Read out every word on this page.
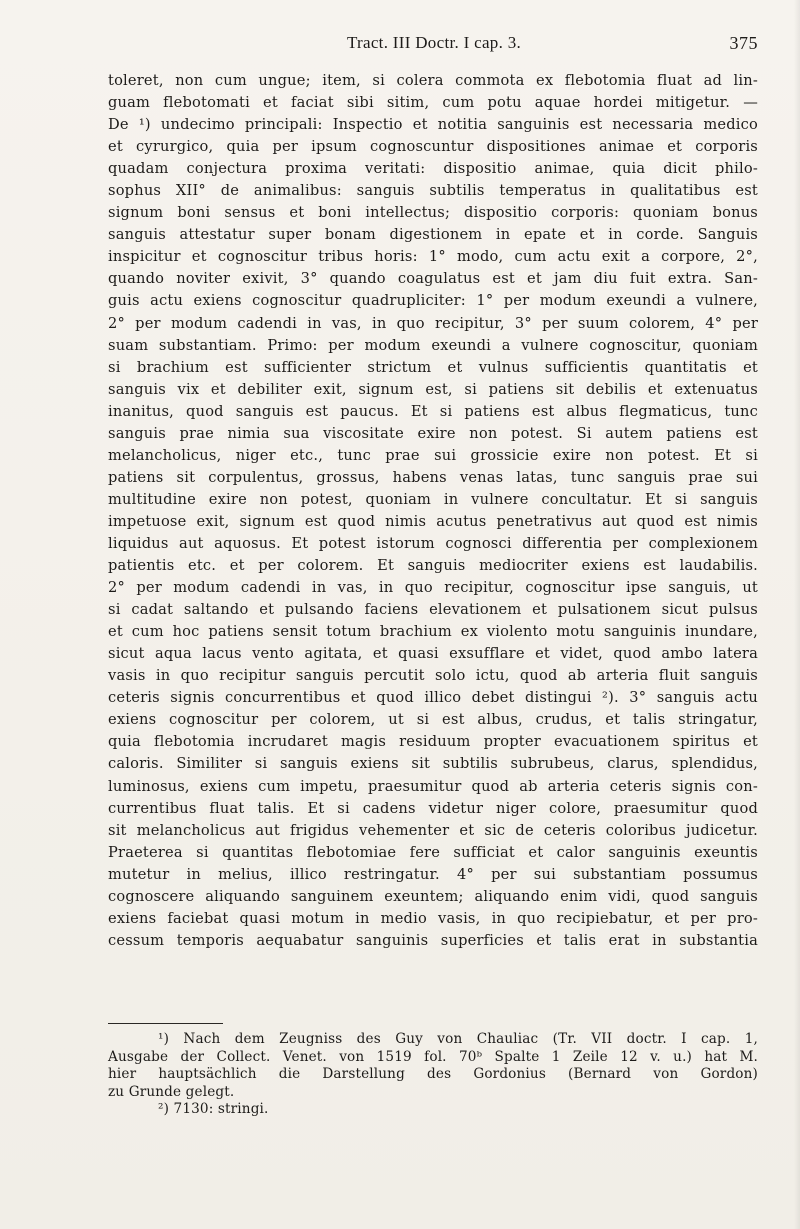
Tract. III Doctr. I cap. 3.	375
toleret, non cum ungue; item, si colera commota ex flebotomia fluat ad lin-
guam flebotomati et faciat sibi sitim, cum potu aquae hordei mitigetur. —
De ¹) undecimo principali: Inspectio et notitia sanguinis est necessaria medico
et cyrurgico, quia per ipsum cognoscuntur dispositiones animae et corporis
quadam conjectura proxima veritati: dispositio animae, quia dicit philo-
sophus XII° de animalibus: sanguis subtilis temperatus in qualitatibus est
signum boni sensus et boni intellectus; dispositio corporis: quoniam bonus
sanguis attestatur super bonam digestionem in epate et in corde. Sanguis
inspicitur et cognoscitur tribus horis: 1° modo, cum actu exit a corpore, 2°,
quando noviter exivit, 3° quando coagulatus est et jam diu fuit extra. San-
guis actu exiens cognoscitur quadrupliciter: 1° per modum exeundi a vulnere,
2° per modum cadendi in vas, in quo recipitur, 3° per suum colorem, 4° per
suam substantiam. Primo: per modum exeundi a vulnere cognoscitur, quoniam
si brachium est sufficienter strictum et vulnus sufficientis quantitatis et
sanguis vix et debiliter exit, signum est, si patiens sit debilis et extenuatus
inanitus, quod sanguis est paucus. Et si patiens est albus flegmaticus, tunc
sanguis prae nimia sua viscositate exire non potest. Si autem patiens est
melancholicus, niger etc., tunc prae sui grossicie exire non potest. Et si
patiens sit corpulentus, grossus, habens venas latas, tunc sanguis prae sui
multitudine exire non potest, quoniam in vulnere concultatur. Et si sanguis
impetuose exit, signum est quod nimis acutus penetrativus aut quod est nimis
liquidus aut aquosus. Et potest istorum cognosci differentia per complexionem
patientis etc. et per colorem. Et sanguis mediocriter exiens est laudabilis.
2° per modum cadendi in vas, in quo recipitur, cognoscitur ipse sanguis, ut
si cadat saltando et pulsando faciens elevationem et pulsationem sicut pulsus
et cum hoc patiens sensit totum brachium ex violento motu sanguinis inundare,
sicut aqua lacus vento agitata, et quasi exsufflare et videt, quod ambo latera
vasis in quo recipitur sanguis percutit solo ictu, quod ab arteria fluit sanguis
ceteris signis concurrentibus et quod illico debet distingui ²). 3° sanguis actu
exiens cognoscitur per colorem, ut si est albus, crudus, et talis stringatur,
quia flebotomia incrudaret magis residuum propter evacuationem spiritus et
caloris. Similiter si sanguis exiens sit subtilis subrubeus, clarus, splendidus,
luminosus, exiens cum impetu, praesumitur quod ab arteria ceteris signis con-
currentibus fluat talis. Et si cadens videtur niger colore, praesumitur quod
sit melancholicus aut frigidus vehementer et sic de ceteris coloribus judicetur.
Praeterea si quantitas flebotomiae fere sufficiat et calor sanguinis exeuntis
mutetur in melius, illico restringatur. 4° per sui substantiam possumus
cognoscere aliquando sanguinem exeuntem; aliquando enim vidi, quod sanguis
exiens faciebat quasi motum in medio vasis, in quo recipiebatur, et per pro-
cessum temporis aequabatur sanguinis superficies et talis erat in substantia
¹) Nach dem Zeugniss des Guy von Chauliac (Tr. VII doctr. I cap. 1,
Ausgabe der Collect. Venet. von 1519 fol. 70ᵇ Spalte 1 Zeile 12 v. u.) hat M.
hier hauptsächlich die Darstellung des Gordonius (Bernard von Gordon)
zu Grunde gelegt.
²) 7130: stringi.
